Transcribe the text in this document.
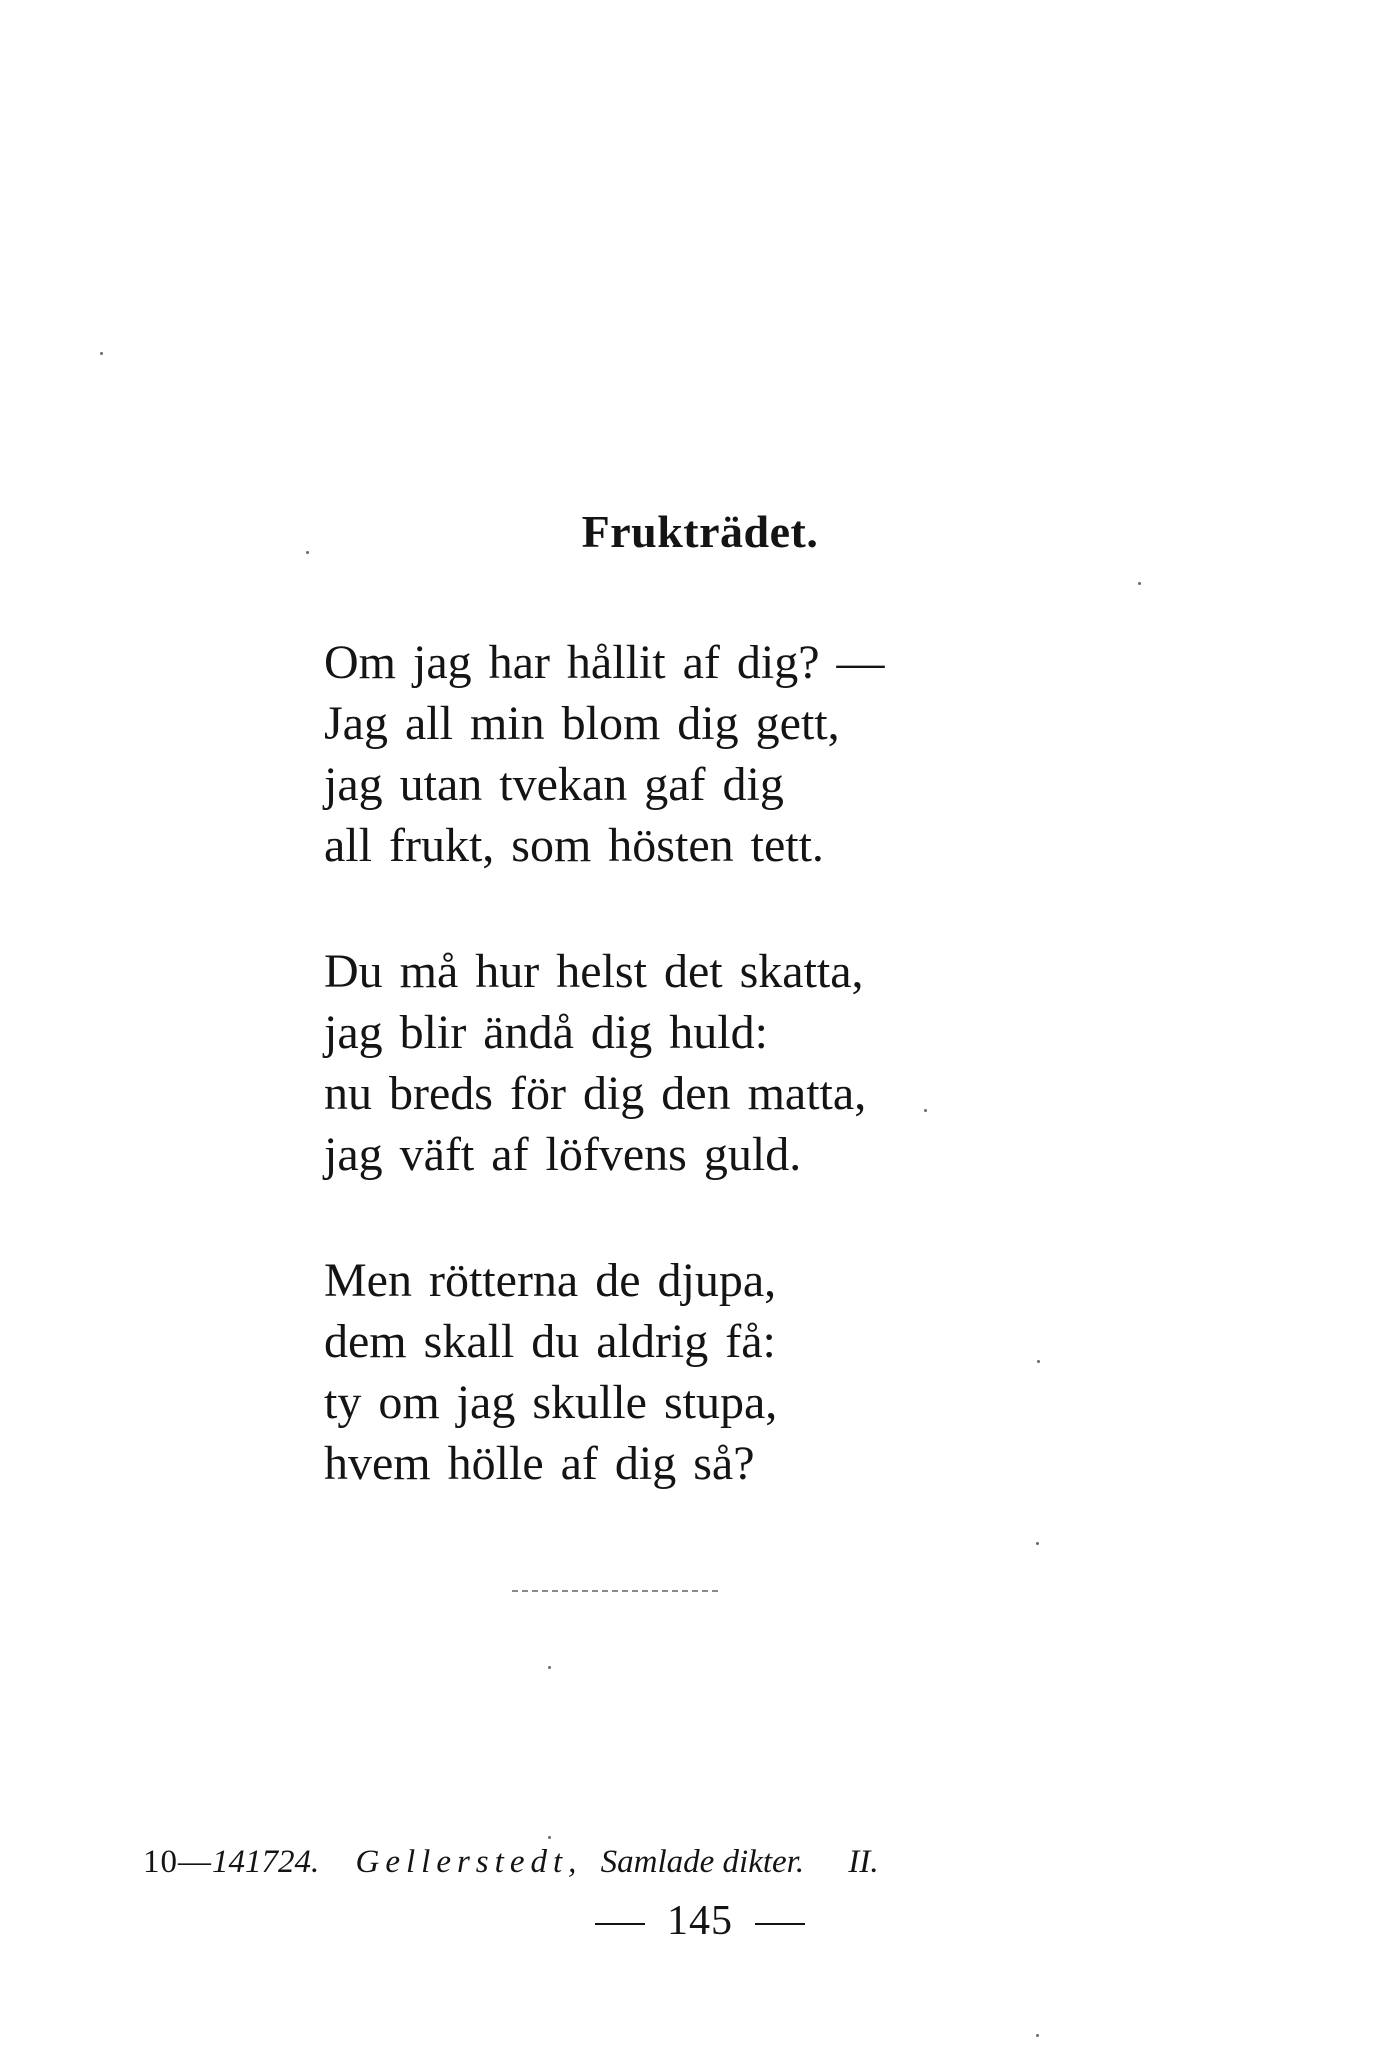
Frukträdet.
Om jag har hållit af dig? —
Jag all min blom dig gett,
jag utan tvekan gaf dig
all frukt, som hösten tett.
Du må hur helst det skatta,
jag blir ändå dig huld:
nu breds för dig den matta,
jag väft af löfvens guld.
Men rötterna de djupa,
dem skall du aldrig få:
ty om jag skulle stupa,
hvem hölle af dig så?
10—141724. Gellerstedt, Samlade dikter. II.
145
